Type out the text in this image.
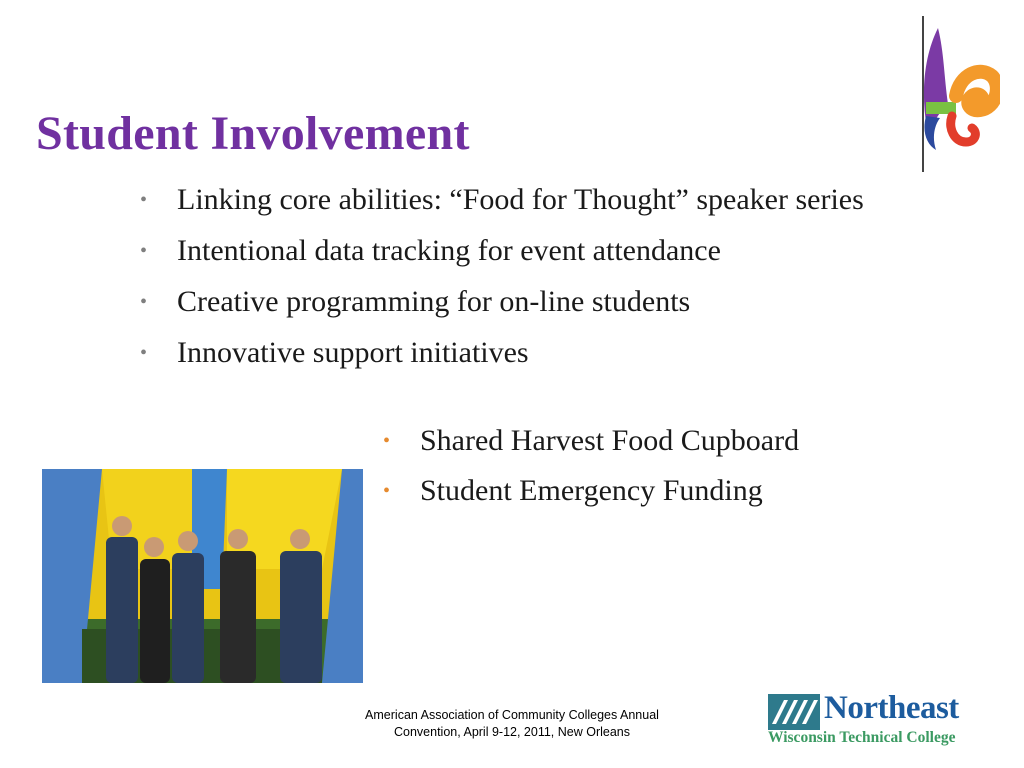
Student Involvement
• Linking core abilities: “Food for Thought” speaker series
• Intentional data tracking for event attendance
• Creative programming for on-line students
• Innovative support initiatives
• Shared Harvest Food Cupboard
• Student Emergency Funding
American Association of Community Colleges Annual Convention, April 9-12, 2011, New Orleans
Northeast
Wisconsin Technical College
